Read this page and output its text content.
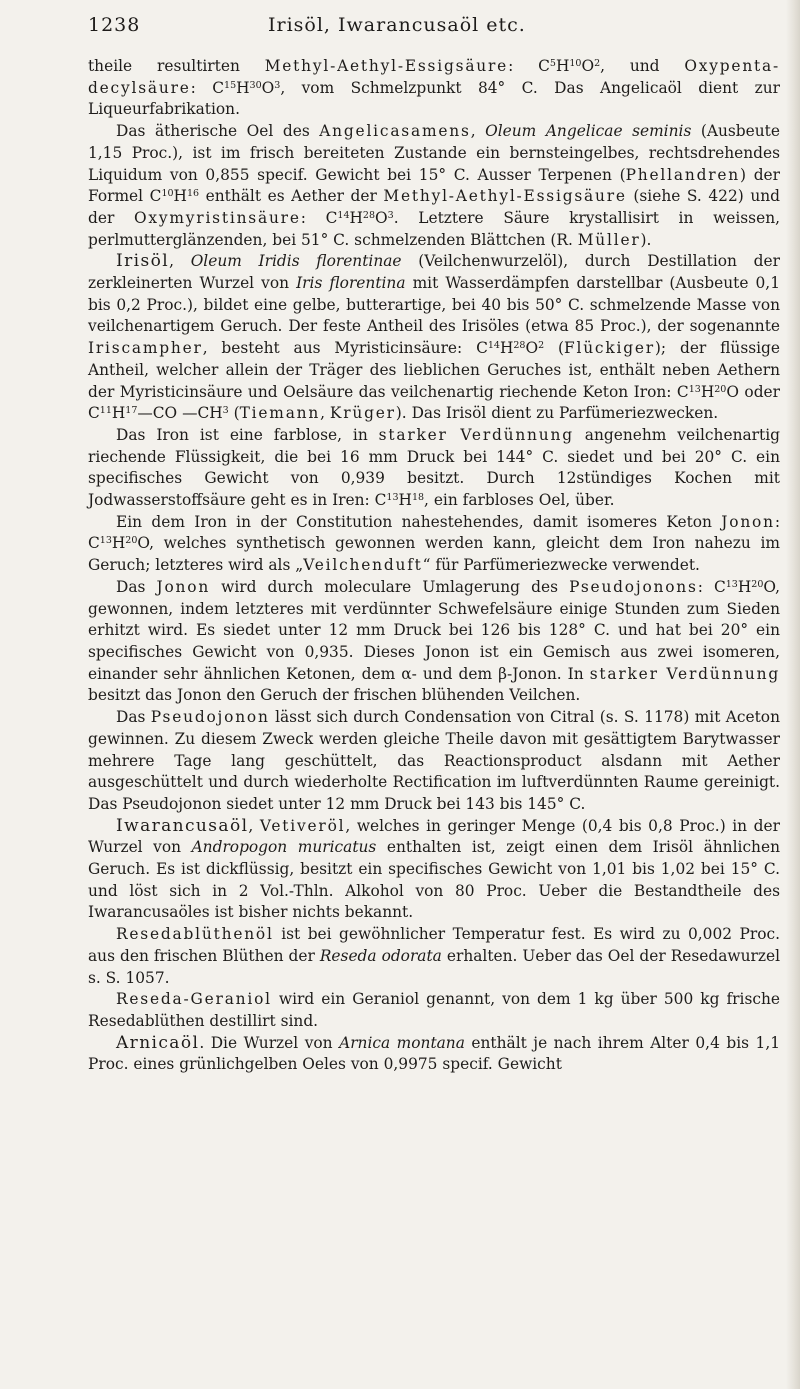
1238	Irisöl, Iwarancusaöl etc.

theile resultirten Methyl-Aethyl-Essigsäure: $C^5H^{10}O^2$, und Oxypenta-decylsäure: $C^{15}H^{30}O^3$, vom Schmelzpunkt 84° C. Das Angelicaöl dient zur Liqueurfabrikation.

Das ätherische Oel des Angelicasamens, Oleum Angelicae seminis (Ausbeute 1,15 Proc.), ist im frisch bereiteten Zustande ein bernsteingelbes, rechtsdrehendes Liquidum von 0,855 specif. Gewicht bei 15° C. Ausser Terpenen (Phellandren) der Formel $C^{10}H^{16}$ enthält es Aether der Methyl-Aethyl-Essigsäure (siehe S. 422) und der Oxymyristinsäure: $C^{14}H^{28}O^3$. Letztere Säure krystallisirt in weissen, perlmutterglänzenden, bei 51° C. schmelzenden Blättchen (R. Müller).

Irisöl, Oleum Iridis florentinae (Veilchenwurzelöl), durch Destillation der zerkleinerten Wurzel von Iris florentina mit Wasserdämpfen darstellbar (Ausbeute 0,1 bis 0,2 Proc.), bildet eine gelbe, butterartige, bei 40 bis 50° C. schmelzende Masse von veilchenartigem Geruch. Der feste Antheil des Irisöles (etwa 85 Proc.), der sogenannte Iriscampher, besteht aus Myristicinsäure: $C^{14}H^{28}O^2$ (Flückiger); der flüssige Antheil, welcher allein der Träger des lieblichen Geruches ist, enthält neben Aethern der Myristicinsäure und Oelsäure das veilchenartig riechende Keton Iron: $C^{13}H^{20}O$ oder $C^{11}H^{17}—CO$ $—CH^3$ (Tiemann, Krüger). Das Irisöl dient zu Parfümeriezwecken.

Das Iron ist eine farblose, in starker Verdünnung angenehm veilchenartig riechende Flüssigkeit, die bei 16 mm Druck bei 144° C. siedet und bei 20° C. ein specifisches Gewicht von 0,939 besitzt. Durch 12stündiges Kochen mit Jodwasserstoffsäure geht es in Iren: $C^{13}H^{18}$, ein farbloses Oel, über.

Ein dem Iron in der Constitution nahestehendes, damit isomeres Keton Jonon: $C^{13}H^{20}O$, welches synthetisch gewonnen werden kann, gleicht dem Iron nahezu im Geruch; letzteres wird als „Veilchenduft“ für Parfümeriezwecke verwendet.

Das Jonon wird durch moleculare Umlagerung des Pseudojonons: $C^{13}H^{20}O$, gewonnen, indem letzteres mit verdünnter Schwefelsäure einige Stunden zum Sieden erhitzt wird. Es siedet unter 12 mm Druck bei 126 bis 128° C. und hat bei 20° ein specifisches Gewicht von 0,935. Dieses Jonon ist ein Gemisch aus zwei isomeren, einander sehr ähnlichen Ketonen, dem α- und dem β-Jonon. In starker Verdünnung besitzt das Jonon den Geruch der frischen blühenden Veilchen.

Das Pseudojonon lässt sich durch Condensation von Citral (s. S. 1178) mit Aceton gewinnen. Zu diesem Zweck werden gleiche Theile davon mit gesättigtem Barytwasser mehrere Tage lang geschüttelt, das Reactionsproduct alsdann mit Aether ausgeschüttelt und durch wiederholte Rectification im luftverdünnten Raume gereinigt. Das Pseudojonon siedet unter 12 mm Druck bei 143 bis 145° C.

Iwarancusaöl, Vetiveröl, welches in geringer Menge (0,4 bis 0,8 Proc.) in der Wurzel von Andropogon muricatus enthalten ist, zeigt einen dem Irisöl ähnlichen Geruch. Es ist dickflüssig, besitzt ein specifisches Gewicht von 1,01 bis 1,02 bei 15° C. und löst sich in 2 Vol.-Thln. Alkohol von 80 Proc. Ueber die Bestandtheile des Iwarancusaöles ist bisher nichts bekannt.

Resedablüthenöl ist bei gewöhnlicher Temperatur fest. Es wird zu 0,002 Proc. aus den frischen Blüthen der Reseda odorata erhalten. Ueber das Oel der Resedawurzel s. S. 1057.

Reseda-Geraniol wird ein Geraniol genannt, von dem 1 kg über 500 kg frische Resedablüthen destillirt sind.

Arnicaöl. Die Wurzel von Arnica montana enthält je nach ihrem Alter 0,4 bis 1,1 Proc. eines grünlichgelben Oeles von 0,9975 specif. Gewicht
